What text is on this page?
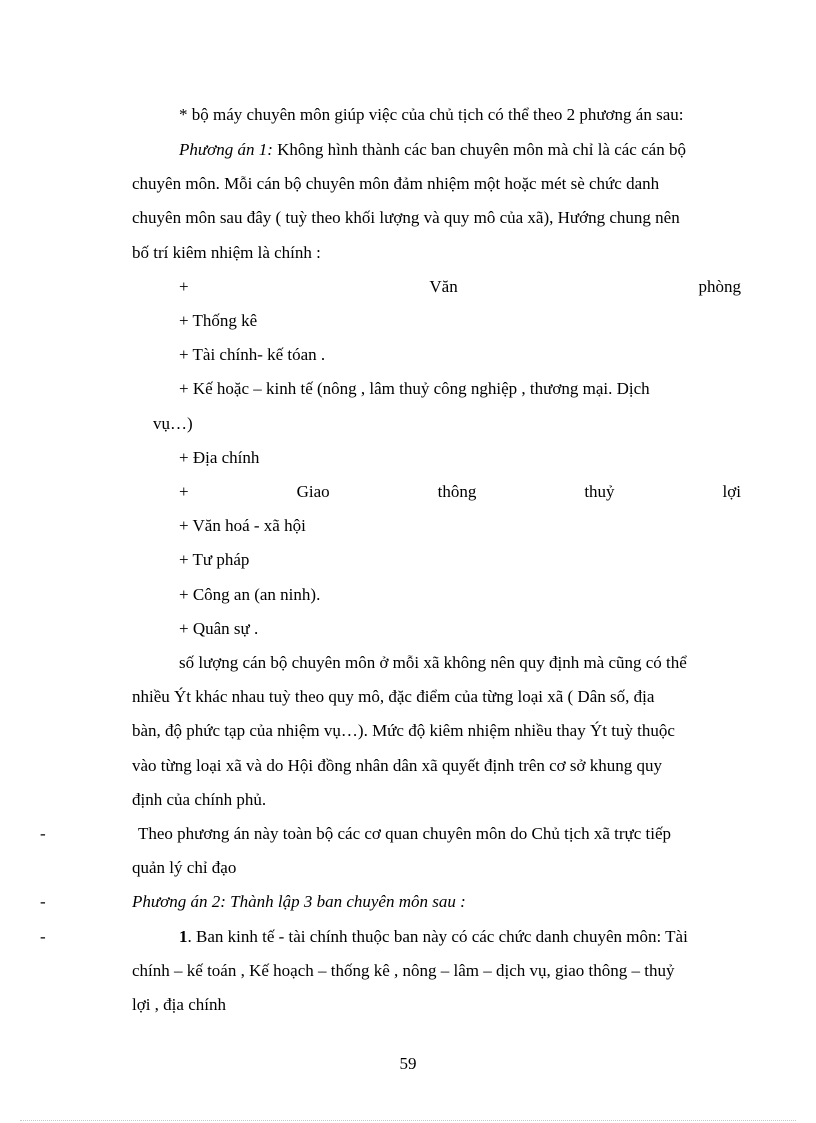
* bộ máy chuyên môn giúp việc của chủ tịch có thể theo 2 phương án sau:
Phương án 1: Không hình thành các ban chuyên môn mà chỉ là các cán bộ
chuyên môn. Mỗi cán bộ chuyên môn đảm nhiệm một hoặc mét sè chức danh
chuyên môn sau đây ( tuỳ theo khối lượng và quy mô của xã), Hướng chung nên
bố trí kiêm nhiệm là chính :
+	Văn	phòng
+ Thống kê
+ Tài chính- kế tóan .
+ Kế hoặc – kinh tế (nông , lâm thuỷ công nghiệp , thương mại. Dịch
vụ…)
+ Địa chính
+	Giao	thông	thuỷ	lợi
+ Văn hoá - xã hội
+ Tư pháp
+ Công an (an ninh).
+ Quân sự .
số lượng cán bộ chuyên môn ở mỗi xã không nên quy định mà cũng có thể
nhiều Ýt khác nhau tuỳ theo quy mô, đặc điểm của từng loại xã ( Dân số, địa
bàn, độ phức tạp của nhiệm vụ…). Mức độ kiêm nhiệm nhiều thay Ýt tuỳ thuộc
vào từng loại xã và do Hội đồng nhân dân xã quyết định trên cơ sở khung quy
định của chính phủ.
-	Theo phương án này toàn bộ các cơ quan chuyên môn do Chủ tịch xã trực tiếp
quản lý chỉ đạo
-	Phương án 2: Thành lập 3 ban chuyên môn sau :
-	1. Ban kinh tế - tài chính thuộc ban này có các chức danh chuyên môn: Tài
chính – kế toán , Kế hoạch – thống kê , nông – lâm – dịch vụ, giao thông – thuỷ
lợi , địa chính
59
